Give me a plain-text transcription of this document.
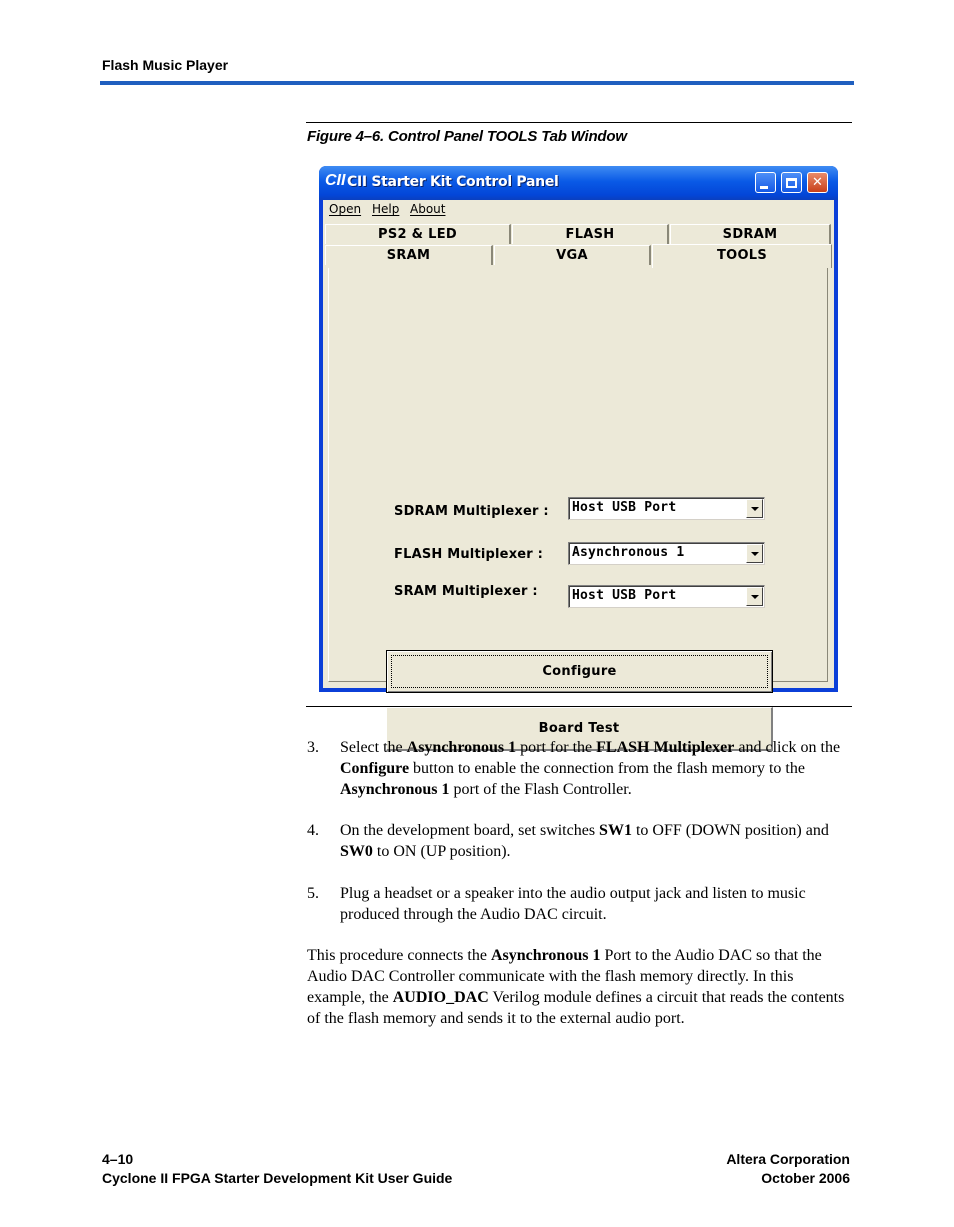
Flash Music Player
Figure 4–6. Control Panel TOOLS Tab Window
CII CII Starter Kit Control Panel	✕
Open Help About
PS2 & LED	FLASH	SDRAM
SRAM	VGA	TOOLS
SDRAM Multiplexer : Host USB Port
FLASH Multiplexer : Asynchronous 1
SRAM Multiplexer :	Host USB Port
Configure
Board Test
3. Select the Asynchronous 1 port for the FLASH Multiplexer and click on the Configure button to enable the connection from the flash memory to the Asynchronous 1 port of the Flash Controller.
4. On the development board, set switches SW1 to OFF (DOWN position) and SW0 to ON (UP position).
5. Plug a headset or a speaker into the audio output jack and listen to music produced through the Audio DAC circuit.
This procedure connects the Asynchronous 1 Port to the Audio DAC so that the Audio DAC Controller communicate with the flash memory directly. In this example, the AUDIO_DAC Verilog module defines a circuit that reads the contents of the flash memory and sends it to the external audio port.
4–10
Cyclone II FPGA Starter Development Kit User Guide
Altera Corporation
October 2006
